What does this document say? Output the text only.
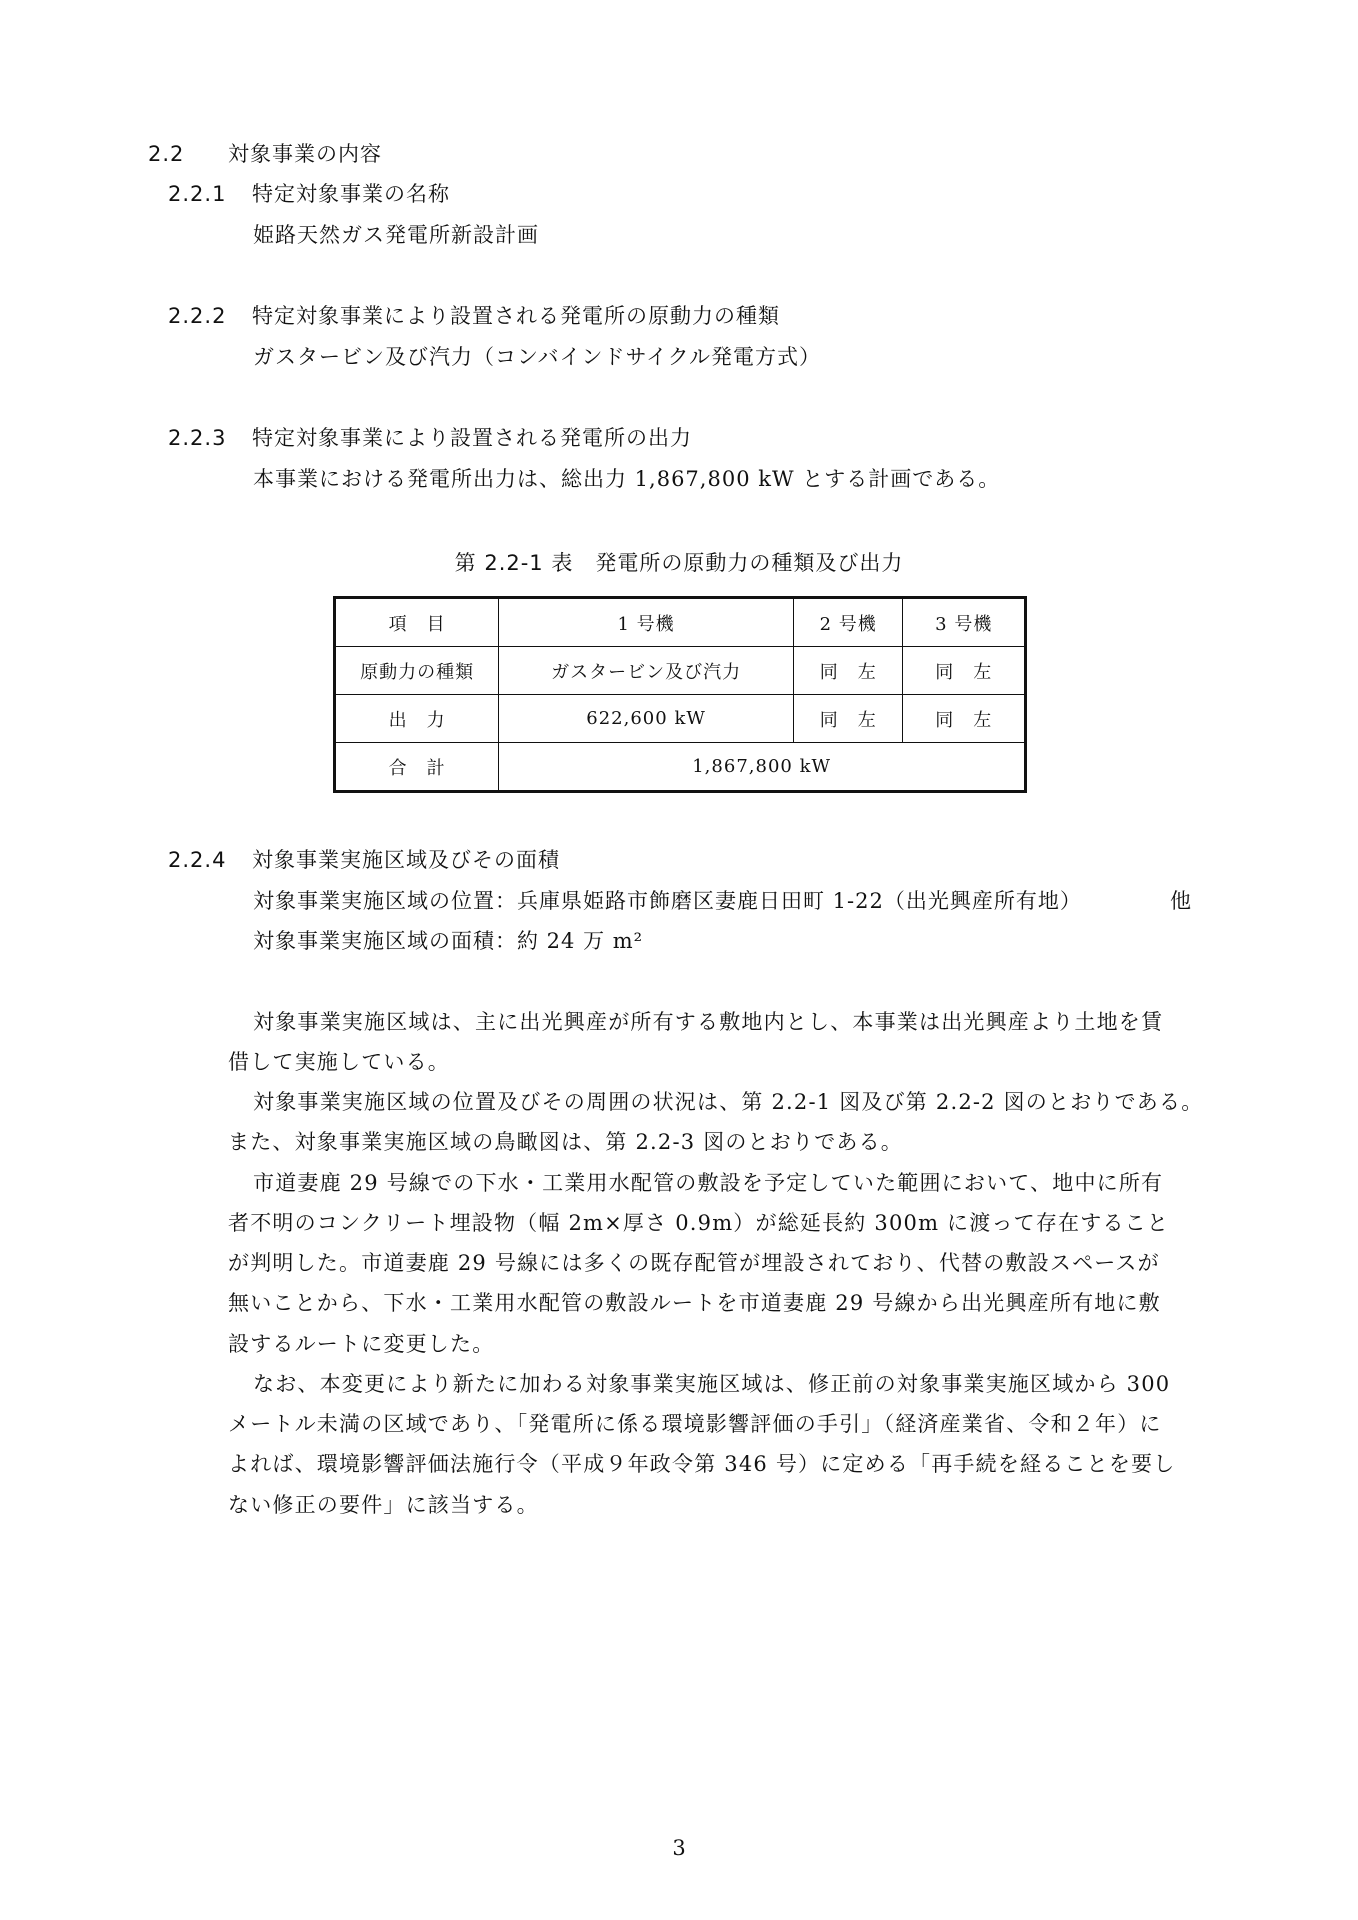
2.2 対象事業の内容
2.2.1 特定対象事業の名称
姫路天然ガス発電所新設計画
2.2.2 特定対象事業により設置される発電所の原動力の種類
ガスタービン及び汽力（コンバインドサイクル発電方式）
2.2.3 特定対象事業により設置される発電所の出力
本事業における発電所出力は、総出力 1,867,800 kW とする計画である。
第 2.2-1 表　発電所の原動力の種類及び出力
項　目	1 号機	2 号機	3 号機
原動力の種類	ガスタービン及び汽力	同　左	同　左
出　力	622,600 kW	同　左	同　左
合　計	1,867,800 kW		
2.2.4 対象事業実施区域及びその面積
対象事業実施区域の位置：兵庫県姫路市飾磨区妻鹿日田町 1-22（出光興産所有地）	他
対象事業実施区域の面積：約 24 万 m²
対象事業実施区域は、主に出光興産が所有する敷地内とし、本事業は出光興産より土地を賃
借して実施している。
対象事業実施区域の位置及びその周囲の状況は、第 2.2-1 図及び第 2.2-2 図のとおりである。
また、対象事業実施区域の鳥瞰図は、第 2.2-3 図のとおりである。
市道妻鹿 29 号線での下水・工業用水配管の敷設を予定していた範囲において、地中に所有
者不明のコンクリート埋設物（幅 2m×厚さ 0.9m）が総延長約 300m に渡って存在すること
が判明した。市道妻鹿 29 号線には多くの既存配管が埋設されており、代替の敷設スペースが
無いことから、下水・工業用水配管の敷設ルートを市道妻鹿 29 号線から出光興産所有地に敷
設するルートに変更した。
なお、本変更により新たに加わる対象事業実施区域は、修正前の対象事業実施区域から 300
メートル未満の区域であり、「発電所に係る環境影響評価の手引」（経済産業省、令和２年）に
よれば、環境影響評価法施行令（平成９年政令第 346 号）に定める「再手続を経ることを要し
ない修正の要件」に該当する。
3
